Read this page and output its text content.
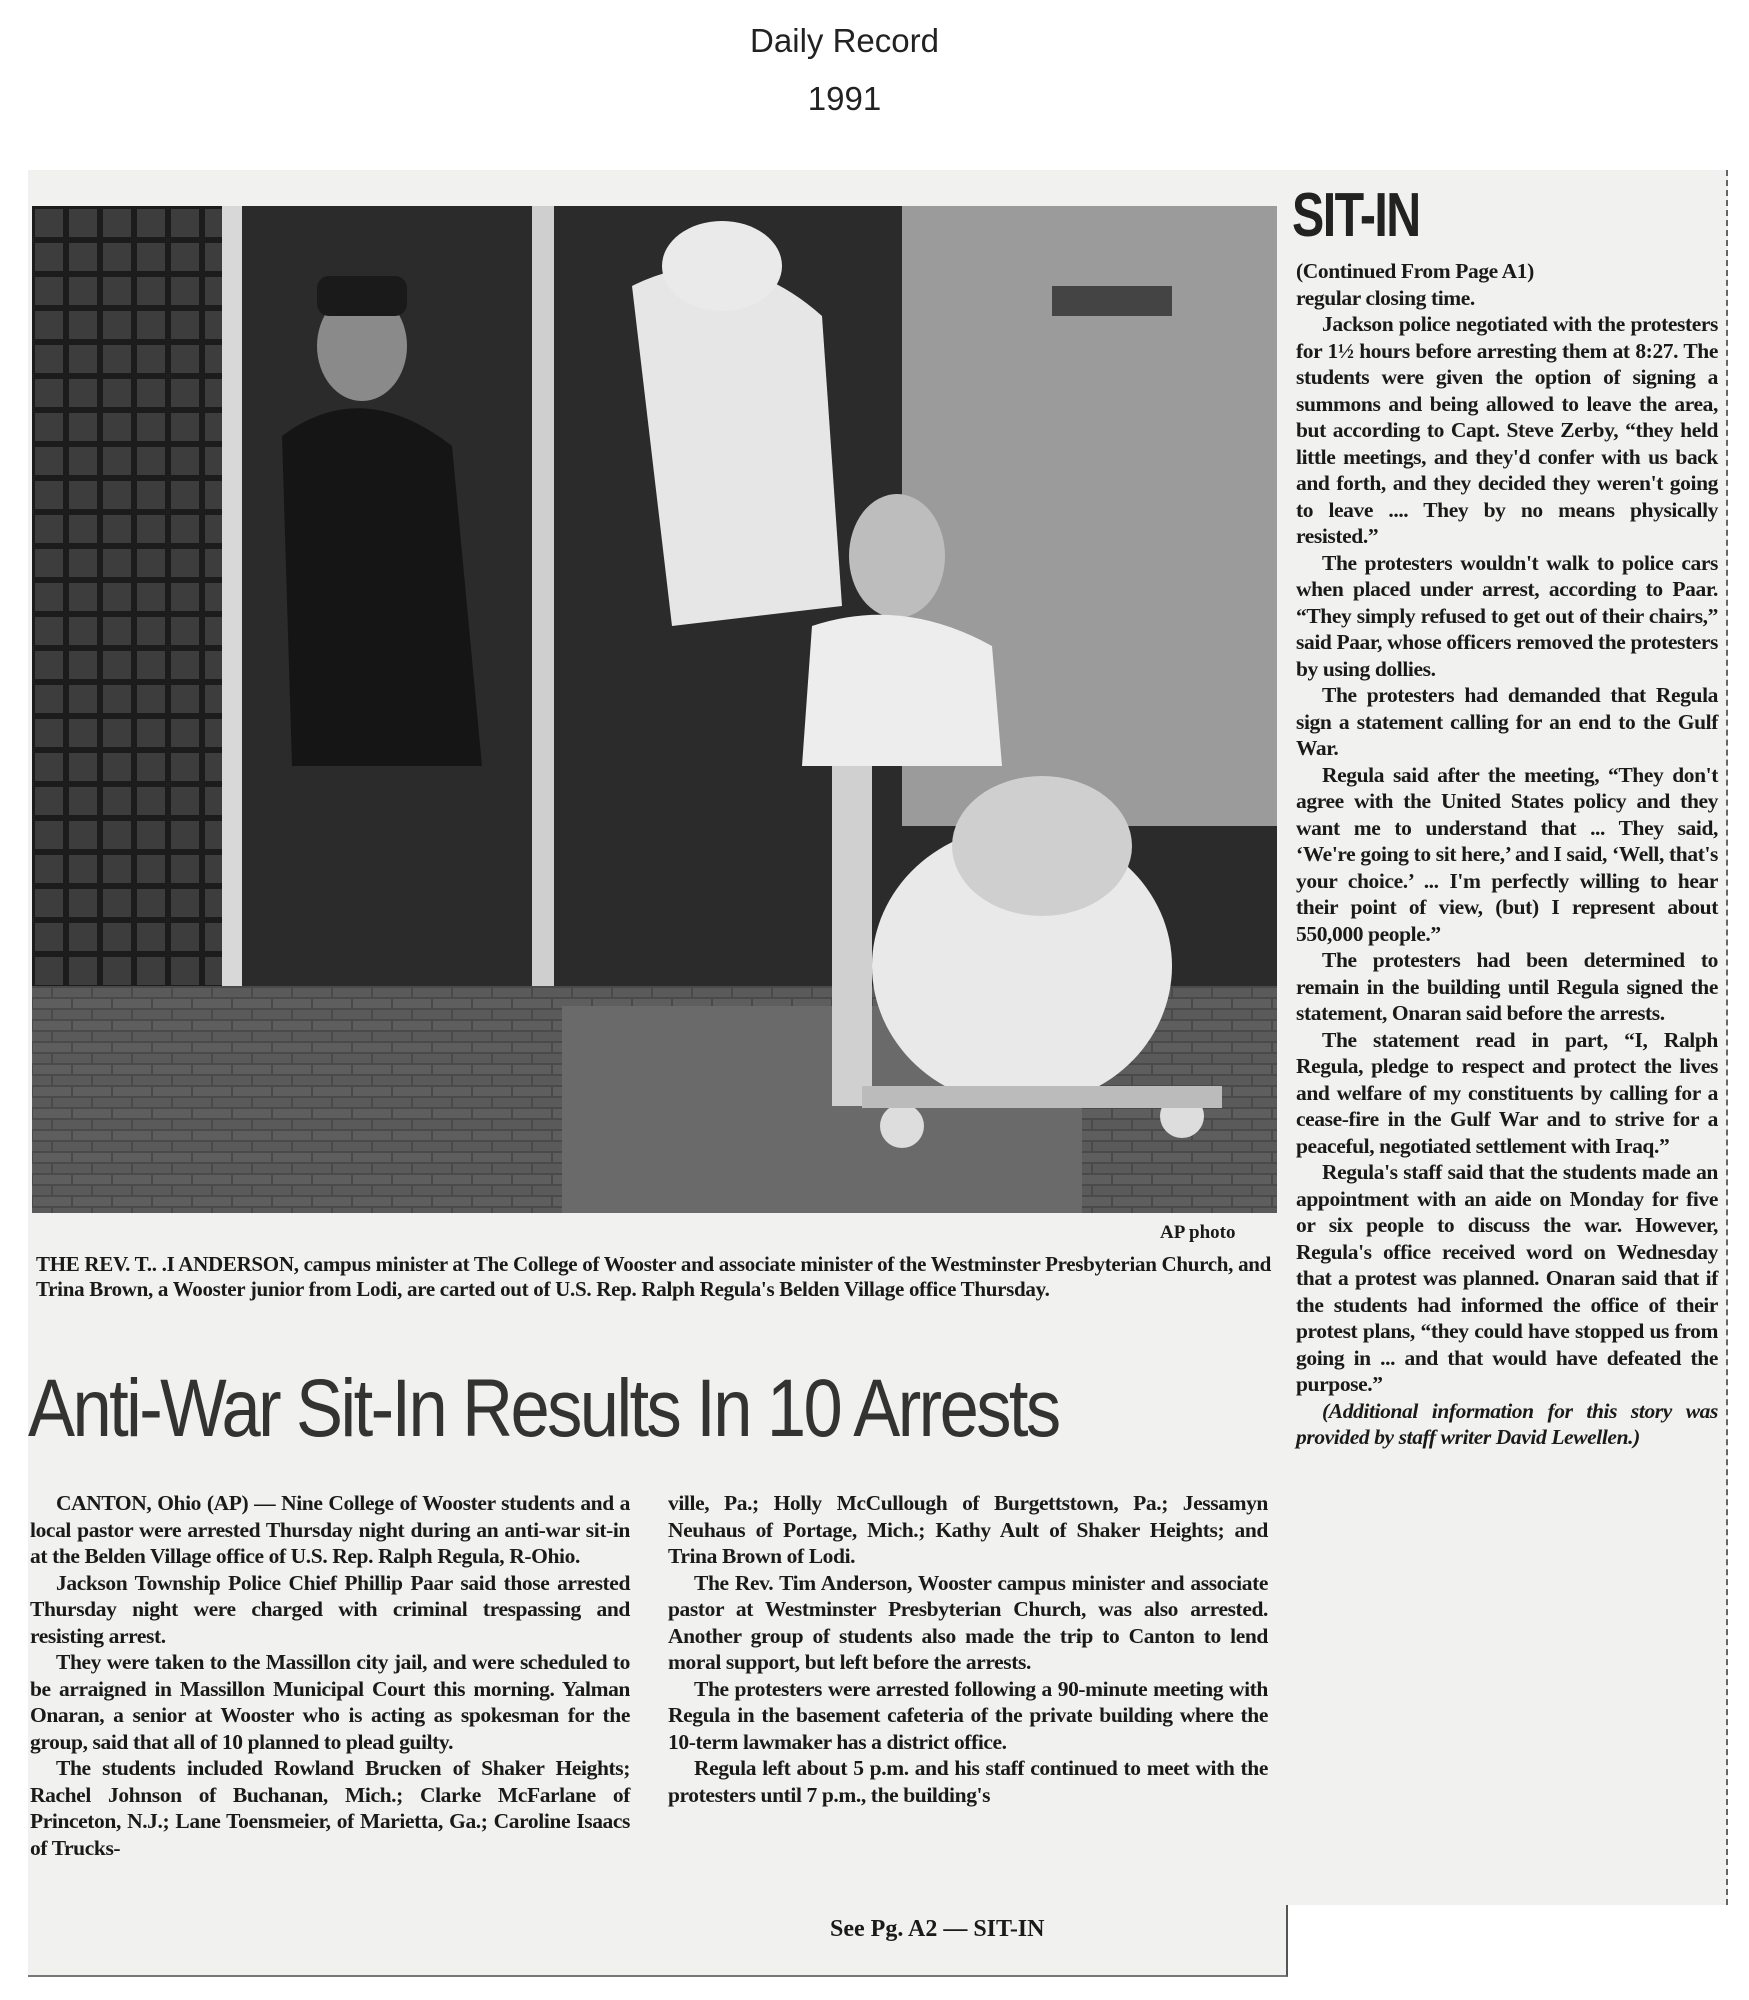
Daily Record
1991
AP photo
THE REV. T.. .I ANDERSON, campus minister at The College of Wooster and associate minister of the Westminster Presbyterian Church, and Trina Brown, a Wooster junior from Lodi, are carted out of U.S. Rep. Ralph Regula's Belden Village office Thursday.
Anti-War Sit-In Results In 10 Arrests

CANTON, Ohio (AP) — Nine College of Wooster students and a local pastor were arrested Thursday night during an anti-war sit-in at the Belden Village office of U.S. Rep. Ralph Regula, R-Ohio.

Jackson Township Police Chief Phillip Paar said those arrested Thursday night were charged with criminal trespassing and resisting arrest.

They were taken to the Massillon city jail, and were scheduled to be arraigned in Massillon Municipal Court this morning. Yalman Onaran, a senior at Wooster who is acting as spokesman for the group, said that all of 10 planned to plead guilty.

The students included Rowland Brucken of Shaker Heights; Rachel Johnson of Buchanan, Mich.; Clarke McFarlane of Princeton, N.J.; Lane Toensmeier, of Marietta, Ga.; Caroline Isaacs of Trucks-

ville, Pa.; Holly McCullough of Burgettstown, Pa.; Jessamyn Neuhaus of Portage, Mich.; Kathy Ault of Shaker Heights; and Trina Brown of Lodi.

The Rev. Tim Anderson, Wooster campus minister and associate pastor at Westminster Presbyterian Church, was also arrested. Another group of students also made the trip to Canton to lend moral support, but left before the arrests.

The protesters were arrested following a 90-minute meeting with Regula in the basement cafeteria of the private building where the 10-term lawmaker has a district office.

Regula left about 5 p.m. and his staff continued to meet with the protesters until 7 p.m., the building's

See Pg. A2 — SIT-IN
SIT-IN

(Continued From Page A1)

regular closing time.

Jackson police negotiated with the protesters for 1½ hours before arresting them at 8:27. The students were given the option of signing a summons and being allowed to leave the area, but according to Capt. Steve Zerby, “they held little meetings, and they'd confer with us back and forth, and they decided they weren't going to leave .... They by no means physically resisted.”

The protesters wouldn't walk to police cars when placed under arrest, according to Paar. “They simply refused to get out of their chairs,” said Paar, whose officers removed the protesters by using dollies.

The protesters had demanded that Regula sign a statement calling for an end to the Gulf War.

Regula said after the meeting, “They don't agree with the United States policy and they want me to understand that ... They said, ‘We're going to sit here,’ and I said, ‘Well, that's your choice.’ ... I'm perfectly willing to hear their point of view, (but) I represent about 550,000 people.”

The protesters had been determined to remain in the building until Regula signed the statement, Onaran said before the arrests.

The statement read in part, “I, Ralph Regula, pledge to respect and protect the lives and welfare of my constituents by calling for a cease-fire in the Gulf War and to strive for a peaceful, negotiated settlement with Iraq.”

Regula's staff said that the students made an appointment with an aide on Monday for five or six people to discuss the war. However, Regula's office received word on Wednesday that a protest was planned. Onaran said that if the students had informed the office of their protest plans, “they could have stopped us from going in ... and that would have defeated the purpose.”

(Additional information for this story was provided by staff writer David Lewellen.)
